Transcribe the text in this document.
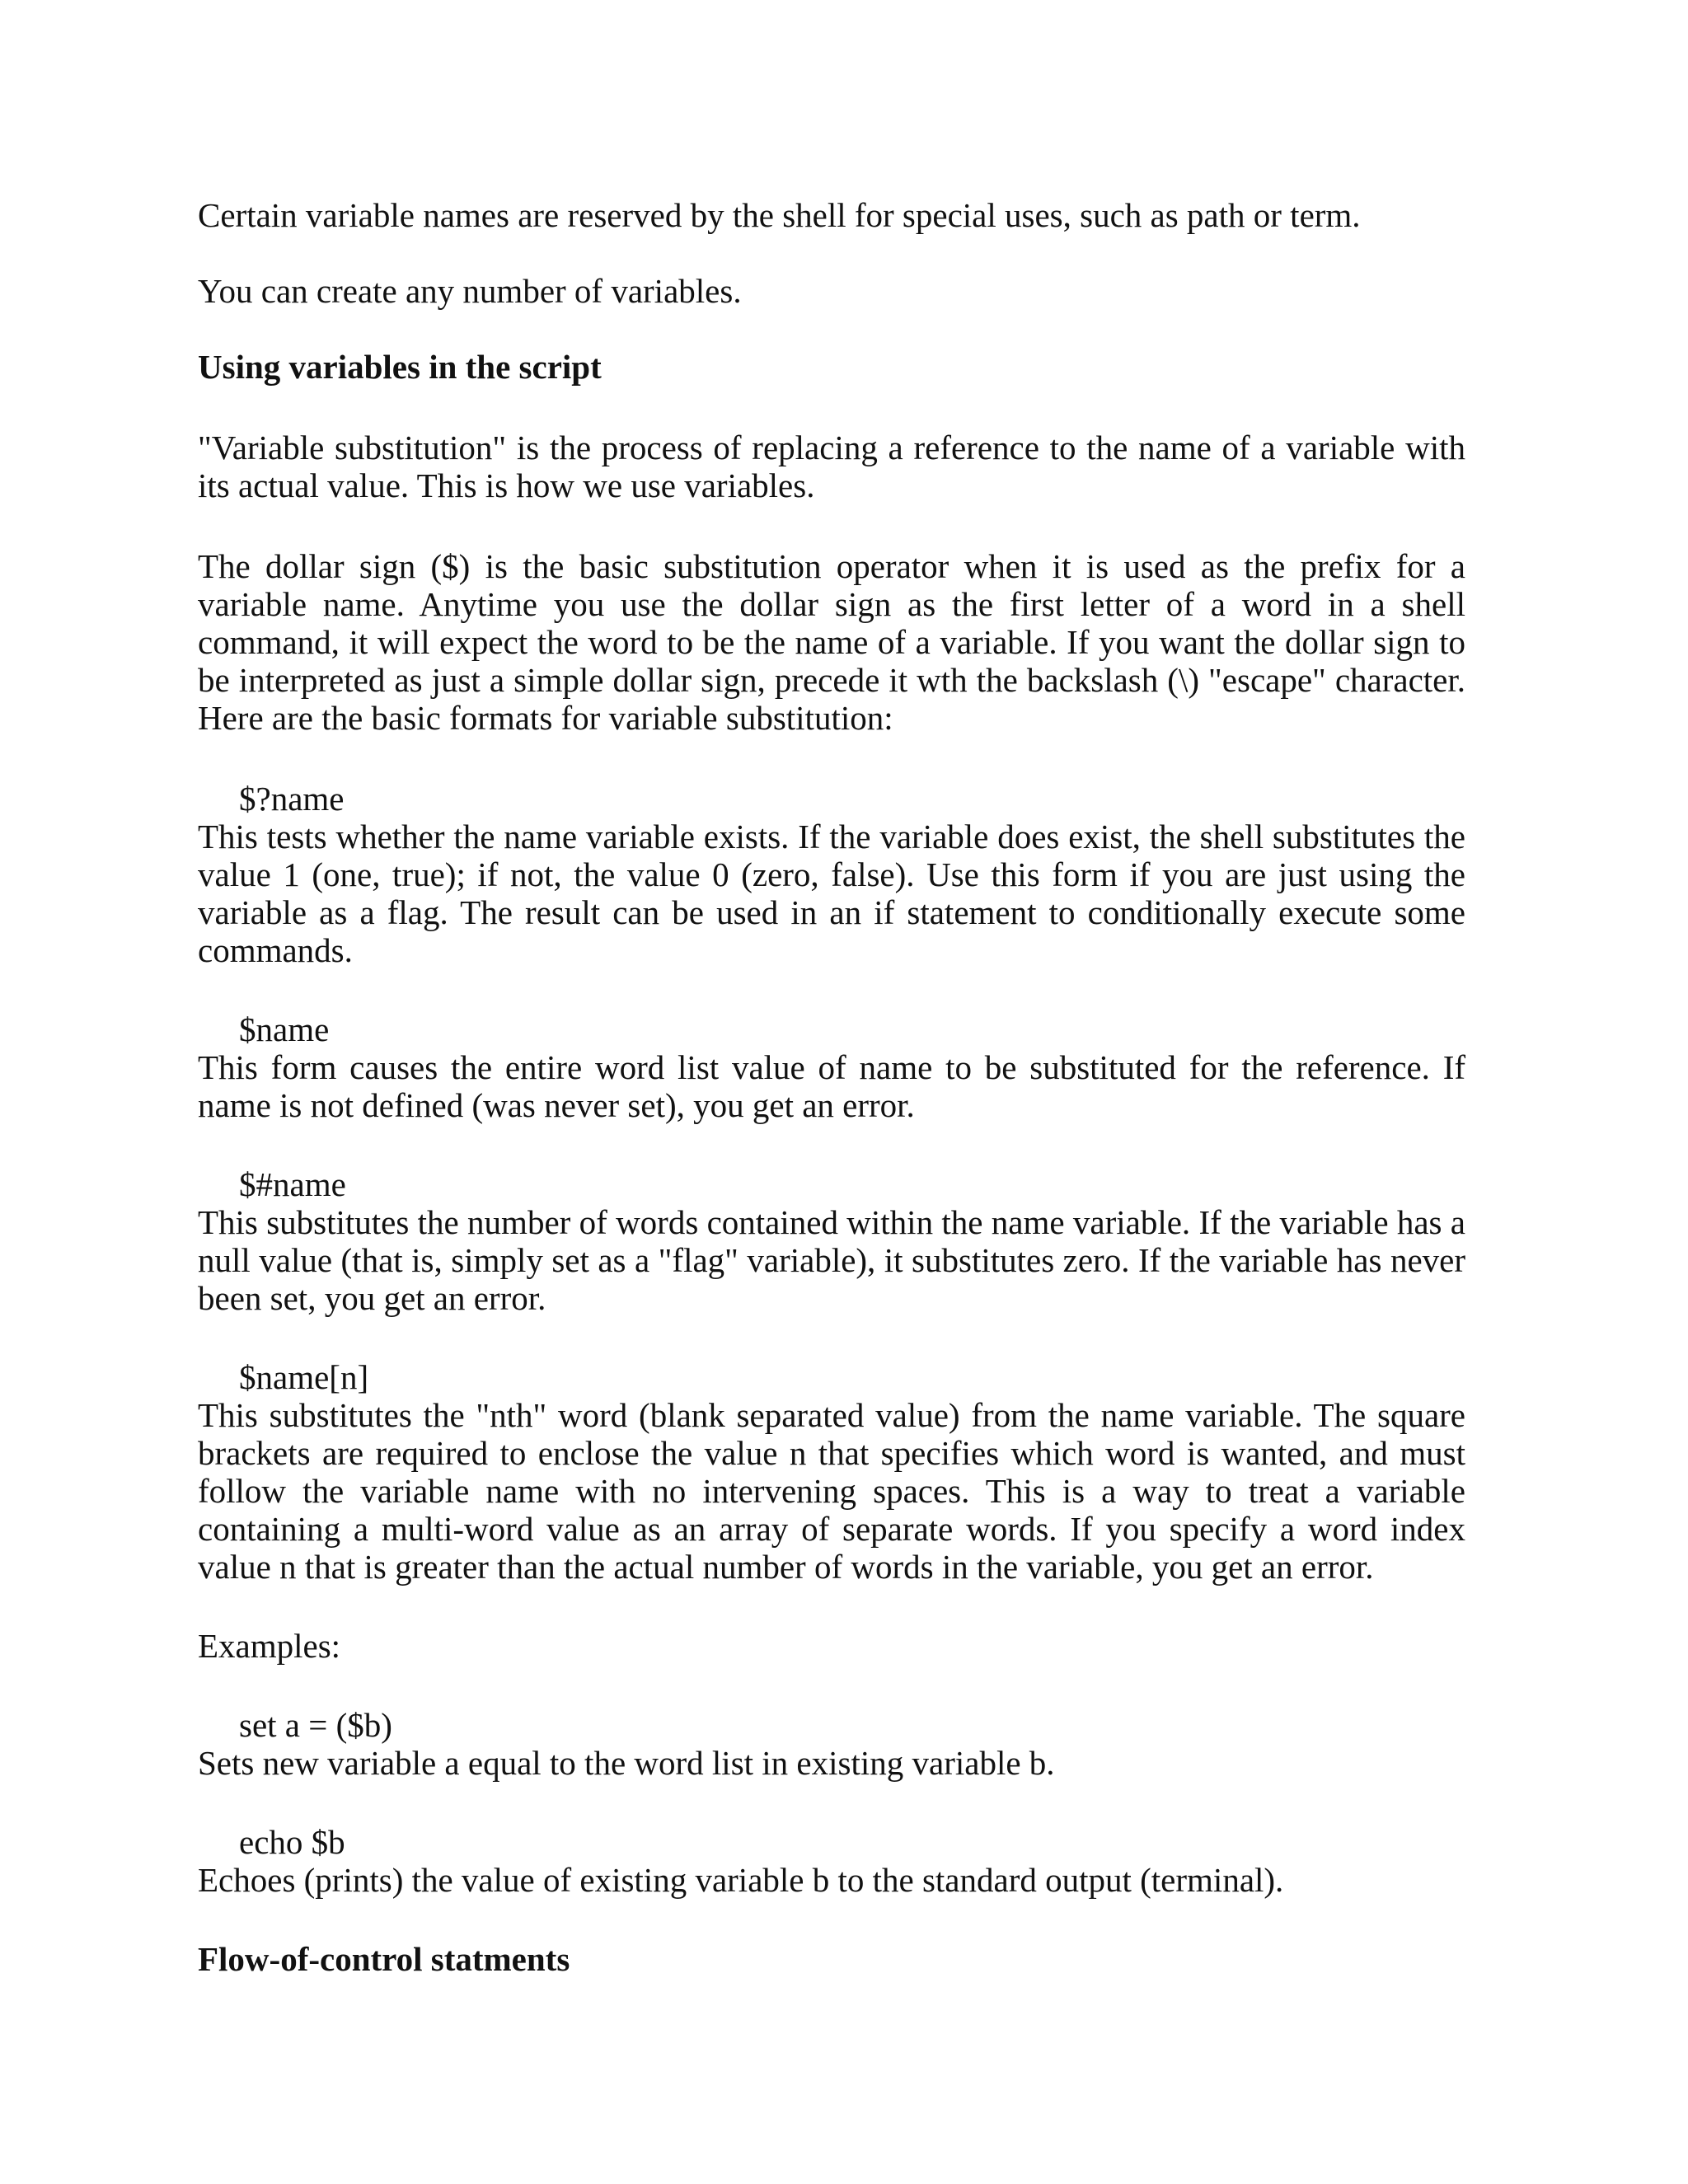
Certain variable names are reserved by the shell for special uses, such as path or term.

You can create any number of variables.

Using variables in the script

"Variable substitution" is the process of replacing a reference to the name of a variable with its actual value. This is how we use variables.

The dollar sign ($) is the basic substitution operator when it is used as the prefix for a variable name. Anytime you use the dollar sign as the first letter of a word in a shell command, it will expect the word to be the name of a variable. If you want the dollar sign to be interpreted as just a simple dollar sign, precede it wth the backslash (\) "escape" character. Here are the basic formats for variable substitution:

$?name

This tests whether the name variable exists. If the variable does exist, the shell substitutes the value 1 (one, true); if not, the value 0 (zero, false). Use this form if you are just using the variable as a flag. The result can be used in an if statement to conditionally execute some commands.

$name

This form causes the entire word list value of name to be substituted for the reference. If name is not defined (was never set), you get an error.

$#name

This substitutes the number of words contained within the name variable. If the variable has a null value (that is, simply set as a "flag" variable), it substitutes zero. If the variable has never been set, you get an error.

$name[n]

This substitutes the "nth" word (blank separated value) from the name variable. The square brackets are required to enclose the value n that specifies which word is wanted, and must follow the variable name with no intervening spaces. This is a way to treat a variable containing a multi-word value as an array of separate words. If you specify a word index value n that is greater than the actual number of words in the variable, you get an error.

Examples:

set a = ($b)

Sets new variable a equal to the word list in existing variable b.

echo $b

Echoes (prints) the value of existing variable b to the standard output (terminal).

Flow-of-control statments
